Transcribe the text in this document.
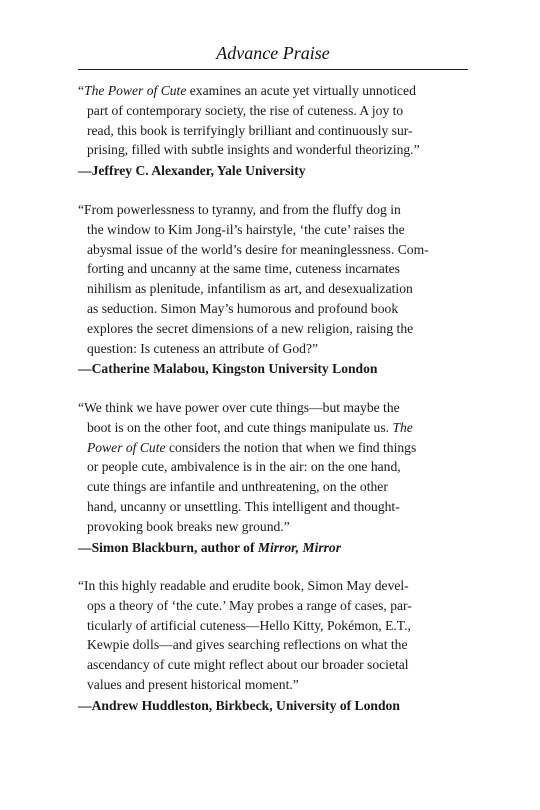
Advance Praise
“The Power of Cute examines an acute yet virtually unnoticed
part of contemporary society, the rise of cuteness. A joy to
read, this book is terrifyingly brilliant and continuously sur-
prising, filled with subtle insights and wonderful theorizing.”
—Jeffrey C. Alexander, Yale University
“From powerlessness to tyranny, and from the fluffy dog in
the window to Kim Jong-il’s hairstyle, ‘the cute’ raises the
abysmal issue of the world’s desire for meaninglessness. Com-
forting and uncanny at the same time, cuteness incarnates
nihilism as plenitude, infantilism as art, and desexualization
as seduction. Simon May’s humorous and profound book
explores the secret dimensions of a new religion, raising the
question: Is cuteness an attribute of God?”
—Catherine Malabou, Kingston University London
“We think we have power over cute things—but maybe the
boot is on the other foot, and cute things manipulate us. The
Power of Cute considers the notion that when we find things
or people cute, ambivalence is in the air: on the one hand,
cute things are infantile and unthreatening, on the other
hand, uncanny or unsettling. This intelligent and thought-
provoking book breaks new ground.”
—Simon Blackburn, author of Mirror, Mirror
“In this highly readable and erudite book, Simon May devel-
ops a theory of ‘the cute.’ May probes a range of cases, par-
ticularly of artificial cuteness—Hello Kitty, Pokémon, E.T.,
Kewpie dolls—and gives searching reflections on what the
ascendancy of cute might reflect about our broader societal
values and present historical moment.”
—Andrew Huddleston, Birkbeck, University of London
